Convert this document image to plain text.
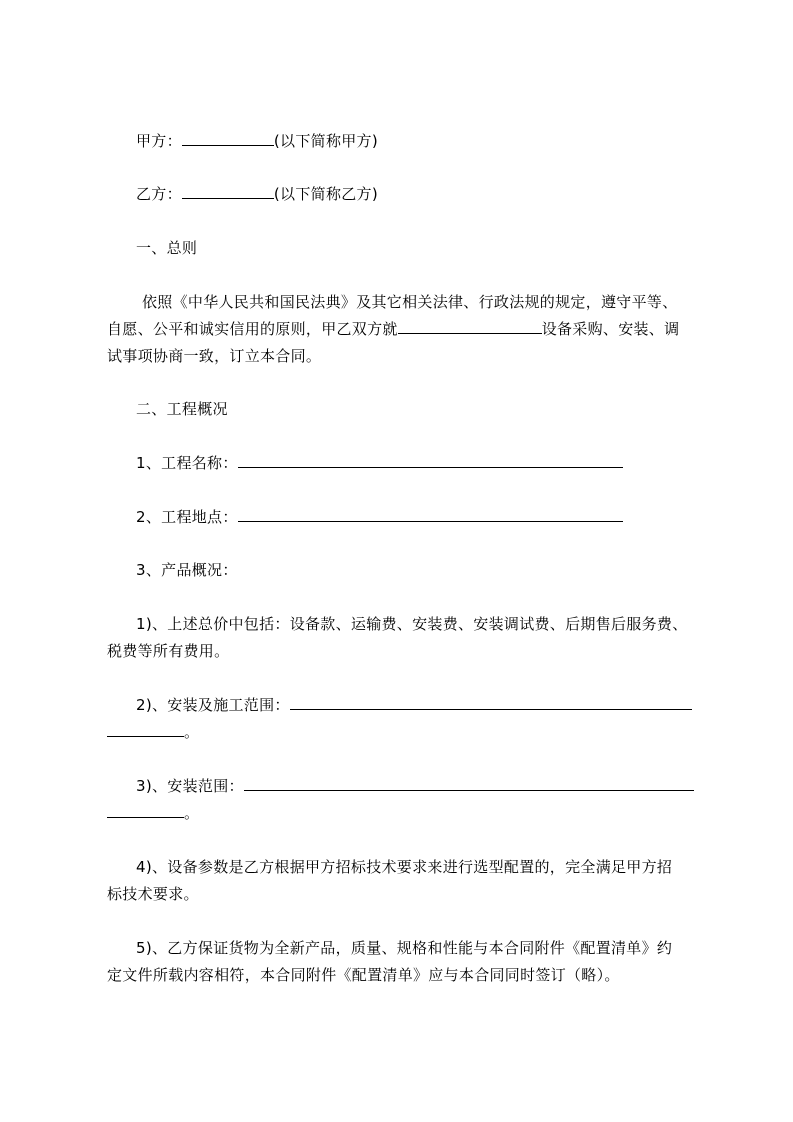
甲方：	(以下简称甲方)
乙方：	(以下简称乙方)
一、总则
依照《中华人民共和国民法典》及其它相关法律、行政法规的规定，遵守平等、
自愿、公平和诚实信用的原则，甲乙双方就	设备采购、安装、调
试事项协商一致，订立本合同。
二、工程概况
1、工程名称：
2、工程地点：
3、产品概况：
1)、上述总价中包括：设备款、运输费、安装费、安装调试费、后期售后服务费、
税费等所有费用。
2)、安装及施工范围：
。
3)、安装范围：
。
4)、设备参数是乙方根据甲方招标技术要求来进行选型配置的，完全满足甲方招
标技术要求。
5)、乙方保证货物为全新产品，质量、规格和性能与本合同附件《配置清单》约
定文件所载内容相符，本合同附件《配置清单》应与本合同同时签订（略）。
